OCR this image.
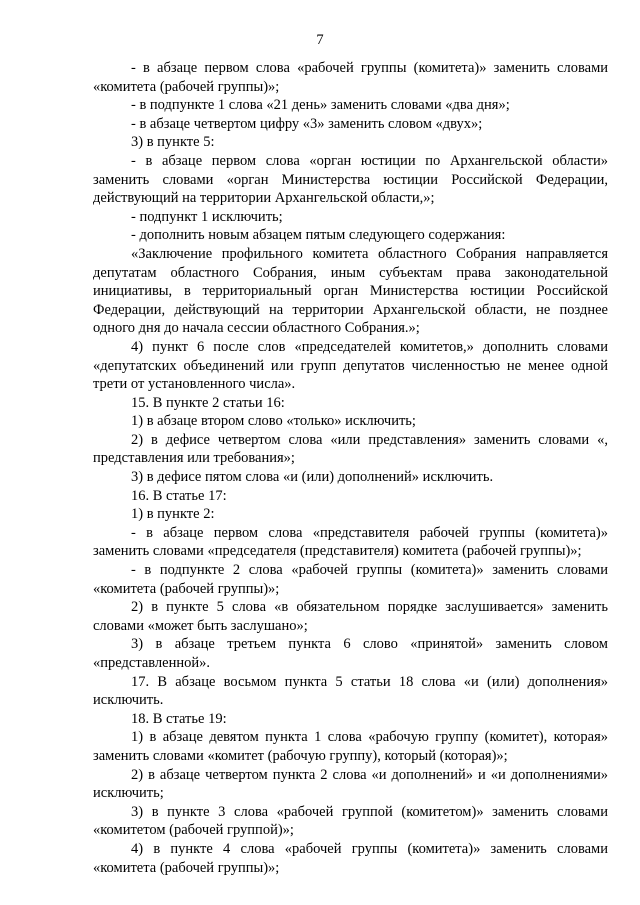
7

- в абзаце первом слова «рабочей группы (комитета)» заменить словами «комитета (рабочей группы)»;

- в подпункте 1 слова «21 день» заменить словами «два дня»;

- в абзаце четвертом цифру «3» заменить словом «двух»;

3) в пункте 5:

- в абзаце первом слова «орган юстиции по Архангельской области» заменить словами «орган Министерства юстиции Российской Федерации, действующий на территории Архангельской области,»;

- подпункт 1 исключить;

- дополнить новым абзацем пятым следующего содержания:

«Заключение профильного комитета областного Собрания направляется депутатам областного Собрания, иным субъектам права законодательной инициативы, в территориальный орган Министерства юстиции Российской Федерации, действующий на территории Архангельской области, не позднее одного дня до начала сессии областного Собрания.»;

4) пункт 6 после слов «председателей комитетов,» дополнить словами «депутатских объединений или групп депутатов численностью не менее одной трети от установленного числа».

15. В пункте 2 статьи 16:

1) в абзаце втором слово «только» исключить;

2) в дефисе четвертом слова «или представления» заменить словами «, представления или требования»;

3) в дефисе пятом слова «и (или) дополнений» исключить.

16. В статье 17:

1) в пункте 2:

- в абзаце первом слова «представителя рабочей группы (комитета)» заменить словами «председателя (представителя) комитета (рабочей группы)»;

- в подпункте 2 слова «рабочей группы (комитета)» заменить словами «комитета (рабочей группы)»;

2) в пункте 5 слова «в обязательном порядке заслушивается» заменить словами «может быть заслушано»;

3) в абзаце третьем пункта 6 слово «принятой» заменить словом «представленной».

17. В абзаце восьмом пункта 5 статьи 18 слова «и (или) дополнения» исключить.

18. В статье 19:

1) в абзаце девятом пункта 1 слова «рабочую группу (комитет), которая» заменить словами «комитет (рабочую группу), который (которая)»;

2) в абзаце четвертом пункта 2 слова «и дополнений» и «и дополнениями» исключить;

3) в пункте 3 слова «рабочей группой (комитетом)» заменить словами «комитетом (рабочей группой)»;

4) в пункте 4 слова «рабочей группы (комитета)» заменить словами «комитета (рабочей группы)»;
